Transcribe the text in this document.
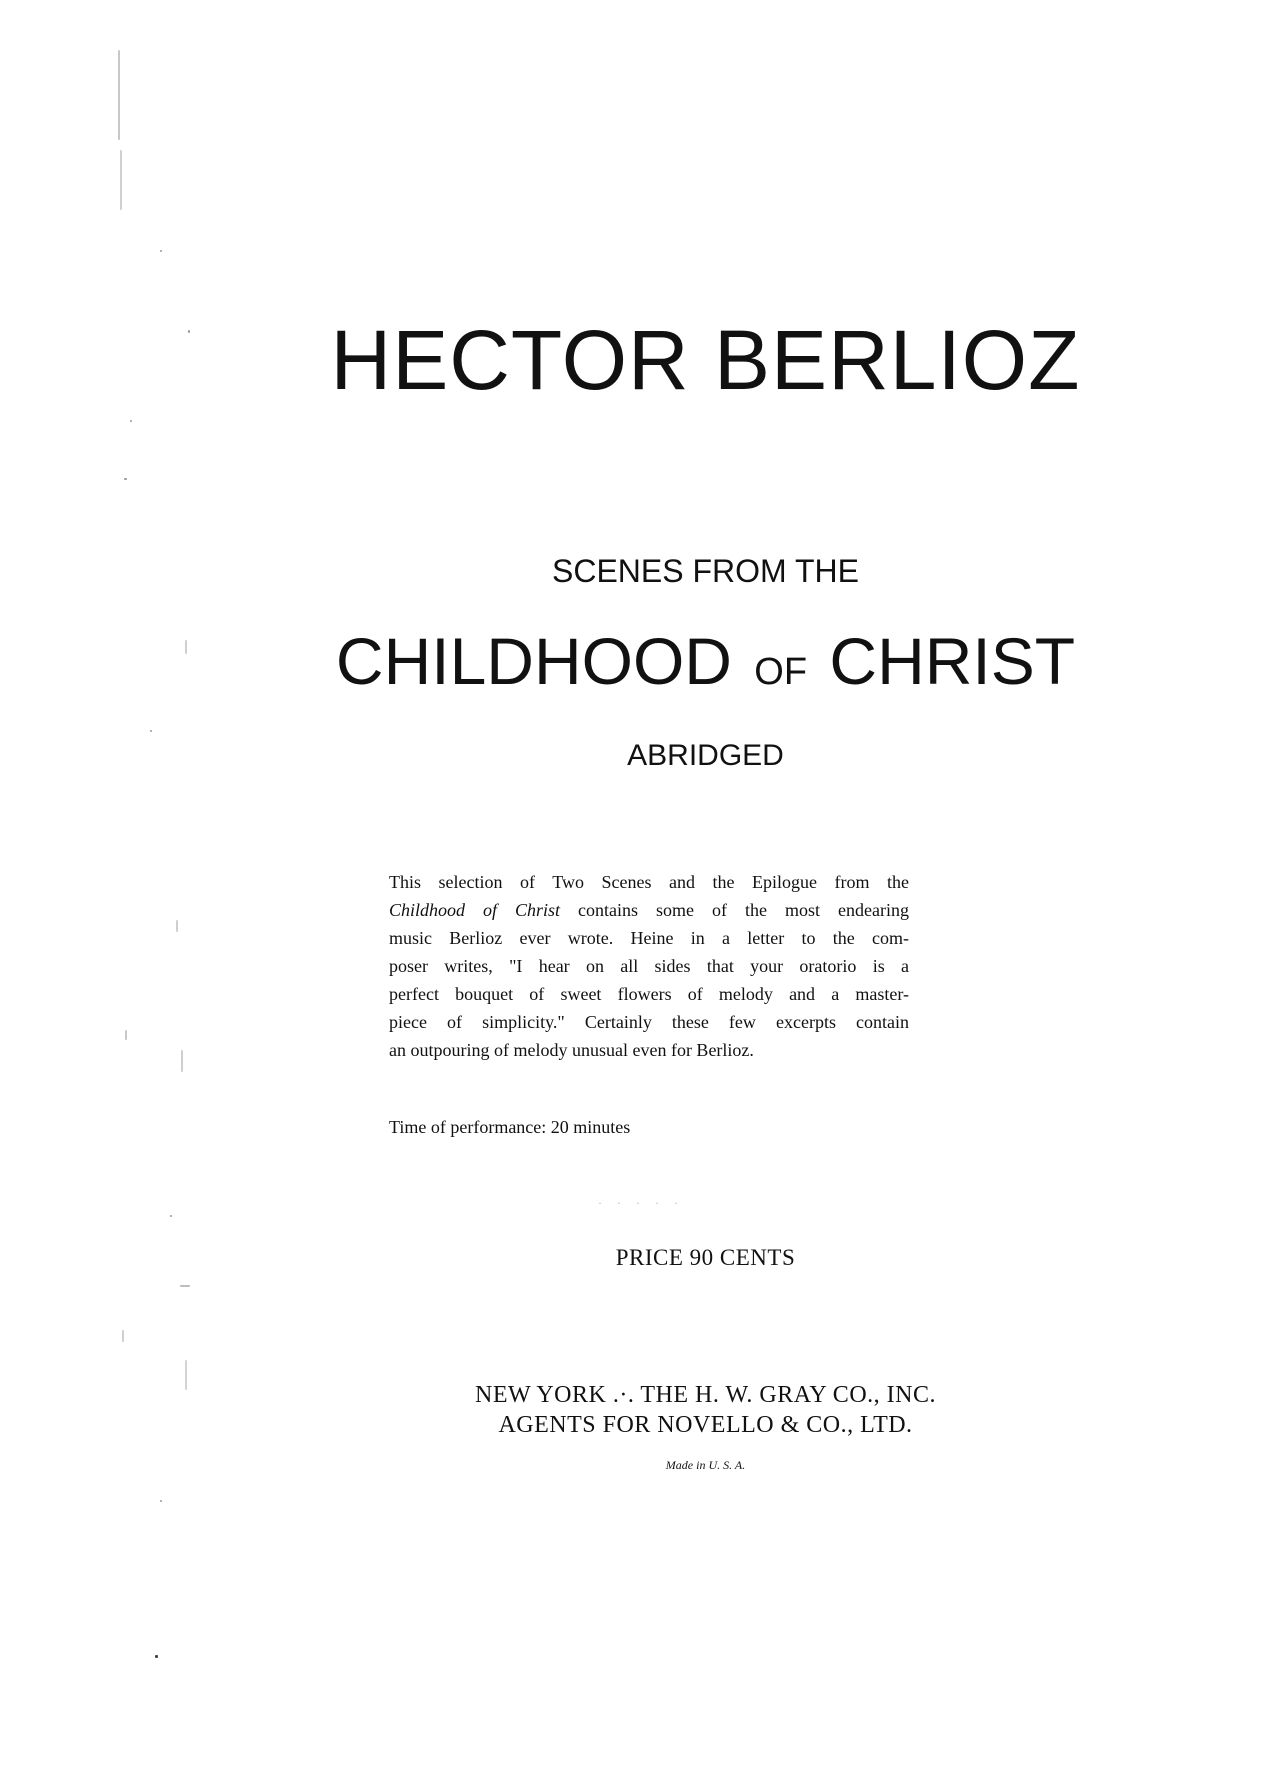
HECTOR BERLIOZ
SCENES FROM THE
CHILDHOOD OF CHRIST
ABRIDGED
This selection of Two Scenes and the Epilogue from the
Childhood of Christ contains some of the most endearing
music Berlioz ever wrote. Heine in a letter to the com-
poser writes, "I hear on all sides that your oratorio is a
perfect bouquet of sweet flowers of melody and a master-
piece of simplicity." Certainly these few excerpts contain
an outpouring of melody unusual even for Berlioz.
Time of performance: 20 minutes
· · · · ·
PRICE 90 CENTS
NEW YORK .·. THE H. W. GRAY CO., INC.
AGENTS FOR NOVELLO & CO., LTD.
Made in U. S. A.
